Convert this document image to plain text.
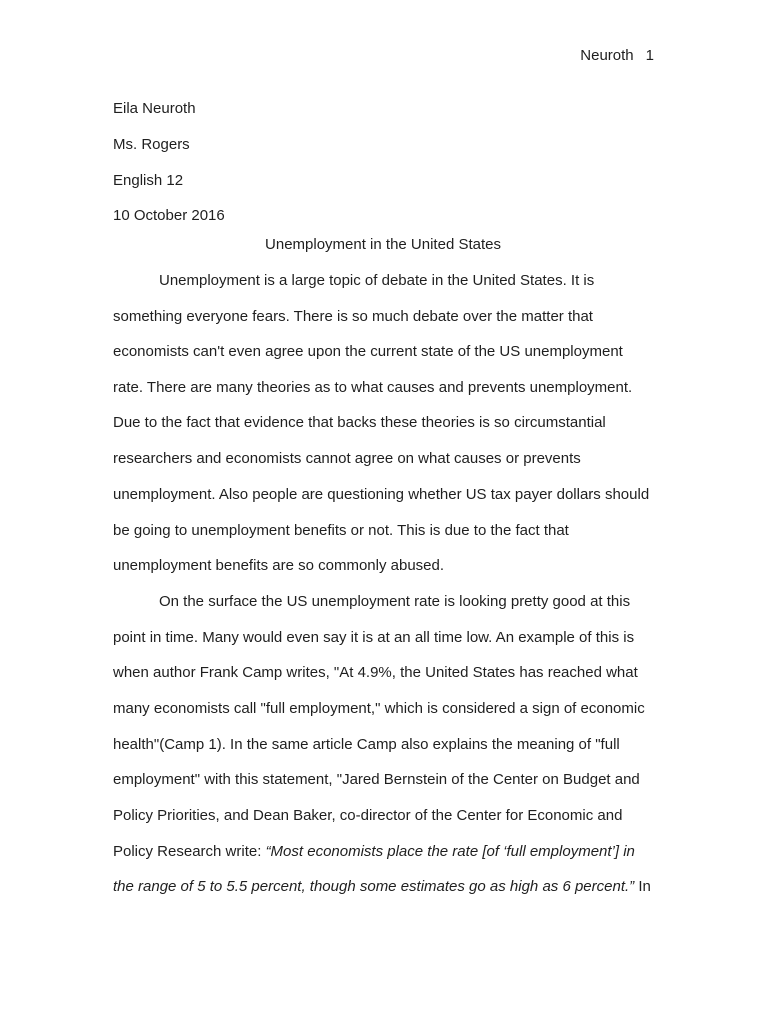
Neuroth 1
Eila Neuroth
Ms. Rogers
English 12
10 October 2016
Unemployment in the United States
Unemployment is a large topic of debate in the United States. It is
something everyone fears. There is so much debate over the matter that
economists can't even agree upon the current state of the US unemployment
rate. There are many theories as to what causes and prevents unemployment.
Due to the fact that evidence that backs these theories is so circumstantial
researchers and economists cannot agree on what causes or prevents
unemployment. Also people are questioning whether US tax payer dollars should
be going to unemployment benefits or not. This is due to the fact that
unemployment benefits are so commonly abused.
On the surface the US unemployment rate is looking pretty good at this
point in time. Many would even say it is at an all time low. An example of this is
when author Frank Camp writes, "At 4.9%, the United States has reached what
many economists call "full employment," which is considered a sign of economic
health"(Camp 1). In the same article Camp also explains the meaning of "full
employment" with this statement, "Jared Bernstein of the Center on Budget and
Policy Priorities, and Dean Baker, co-director of the Center for Economic and
Policy Research write: “Most economists place the rate [of ‘full employment’] in
the range of 5 to 5.5 percent, though some estimates go as high as 6 percent.” In
